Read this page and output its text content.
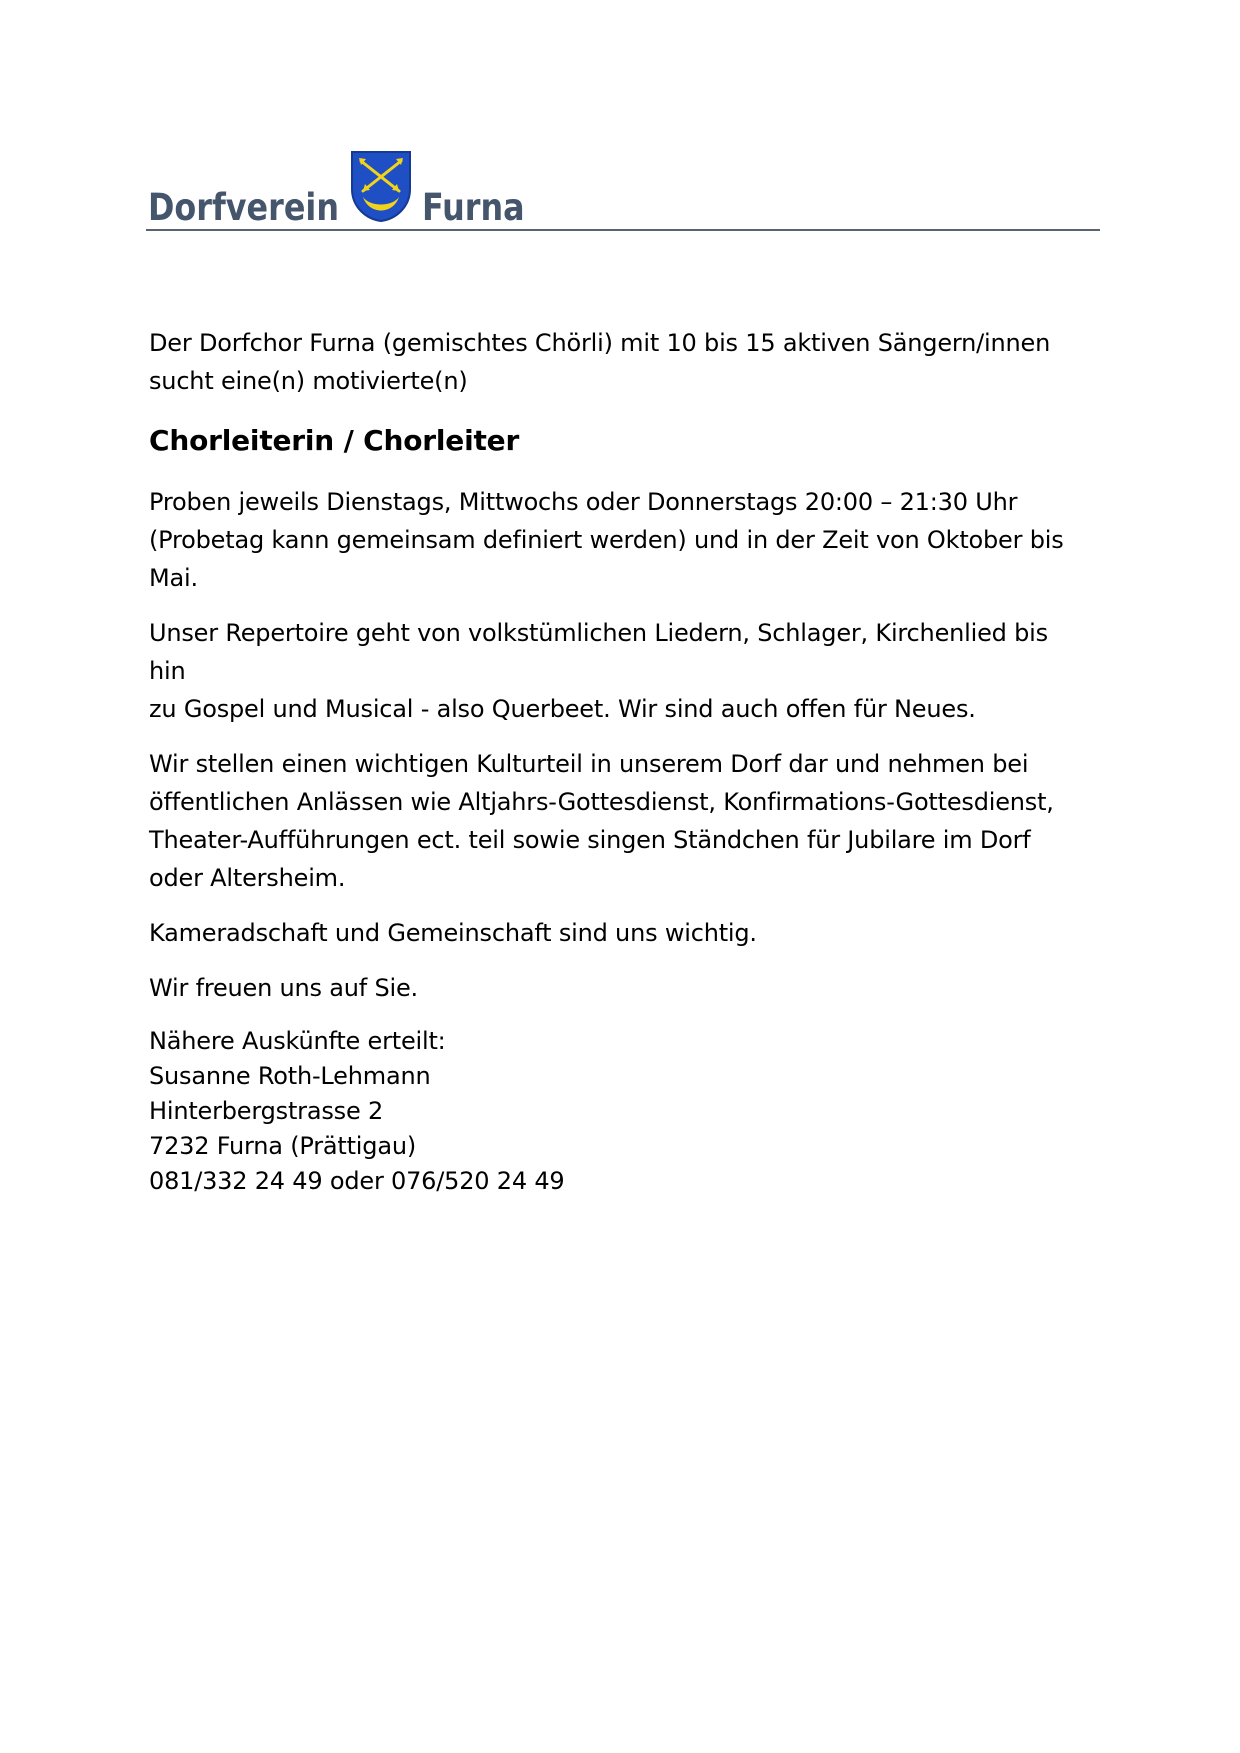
Dorfverein Furna

Der Dorfchor Furna (gemischtes Chörli) mit 10 bis 15 aktiven Sängern/innen
sucht eine(n) motivierte(n)

Chorleiterin / Chorleiter

Proben jeweils Dienstags, Mittwochs oder Donnerstags 20:00 – 21:30 Uhr
(Probetag kann gemeinsam definiert werden) und in der Zeit von Oktober bis
Mai.

Unser Repertoire geht von volkstümlichen Liedern, Schlager, Kirchenlied bis hin
zu Gospel und Musical - also Querbeet. Wir sind auch offen für Neues.

Wir stellen einen wichtigen Kulturteil in unserem Dorf dar und nehmen bei
öffentlichen Anlässen wie Altjahrs-Gottesdienst, Konfirmations-Gottesdienst,
Theater-Aufführungen ect. teil sowie singen Ständchen für Jubilare im Dorf
oder Altersheim.

Kameradschaft und Gemeinschaft sind uns wichtig.

Wir freuen uns auf Sie.

Nähere Auskünfte erteilt:
Susanne Roth-Lehmann
Hinterbergstrasse 2
7232 Furna (Prättigau)
081/332 24 49 oder 076/520 24 49
